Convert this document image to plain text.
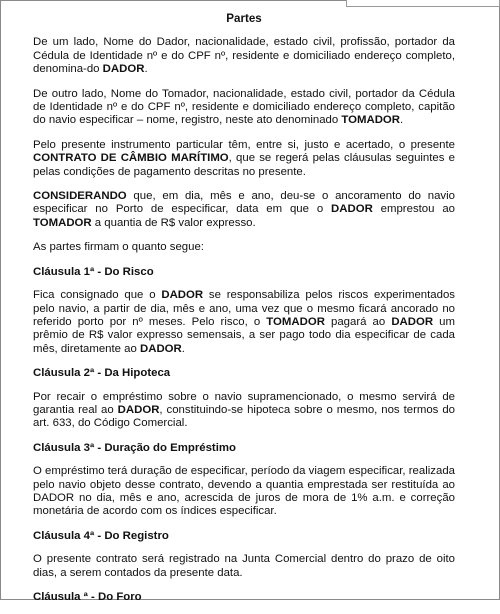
Partes

De um lado, Nome do Dador, nacionalidade, estado civil, profissão, portador da Cédula de Identidade nº e do CPF nº, residente e domiciliado endereço completo, denomina-do DADOR.

De outro lado, Nome do Tomador, nacionalidade, estado civil, portador da Cédula de Identidade nº e do CPF nº, residente e domiciliado endereço completo, capitão do navio especificar – nome, registro, neste ato denominado TOMADOR.

Pelo presente instrumento particular têm, entre si, justo e acertado, o presente CONTRATO DE CÂMBIO MARÍTIMO, que se regerá pelas cláusulas seguintes e pelas condições de pagamento descritas no presente.

CONSIDERANDO que, em dia, mês e ano, deu-se o ancoramento do navio especificar no Porto de especificar, data em que o DADOR emprestou ao TOMADOR a quantia de R$ valor expresso.

As partes firmam o quanto segue:

Cláusula 1ª - Do Risco

Fica consignado que o DADOR se responsabiliza pelos riscos experimentados pelo navio, a partir de dia, mês e ano, uma vez que o mesmo ficará ancorado no referido porto por nº meses. Pelo risco, o TOMADOR pagará ao DADOR um prêmio de R$ valor expresso semensais, a ser pago todo dia especificar de cada mês, diretamente ao DADOR.

Cláusula 2ª - Da Hipoteca

Por recair o empréstimo sobre o navio supramencionado, o mesmo servirá de garantia real ao DADOR, constituindo-se hipoteca sobre o mesmo, nos termos do art. 633, do Código Comercial.

Cláusula 3ª - Duração do Empréstimo

O empréstimo terá duração de especificar, período da viagem especificar, realizada pelo navio objeto desse contrato, devendo a quantia emprestada ser restituída ao DADOR no dia, mês e ano, acrescida de juros de mora de 1% a.m. e correção monetária de acordo com os índices especificar.

Cláusula 4ª - Do Registro

O presente contrato será registrado na Junta Comercial dentro do prazo de oito dias, a serem contados da presente data.

Cláusula ª - Do Foro
